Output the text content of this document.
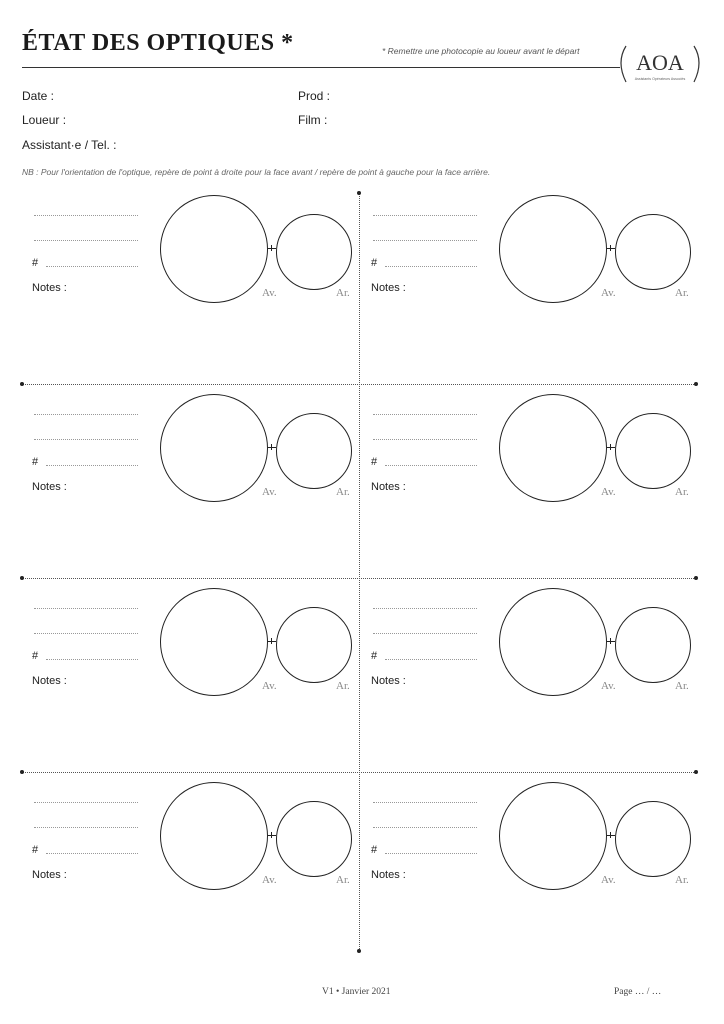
ÉTAT DES OPTIQUES *	* Remettre une photocopie au loueur avant le départ	AOA
Assistants Opérateurs Associés
Date :	Prod :
Loueur :	Film :
Assistant·e / Tel. :
NB : Pour l'orientation de l'optique, repère de point à droite pour la face avant / repère de point à gauche pour la face arrière.
#
Notes :	Av.	Ar.
#
Notes :	Av.	Ar.
#
Notes :	Av.	Ar.
#
Notes :	Av.	Ar.
#
Notes :	Av.	Ar.
#
Notes :	Av.	Ar.
#
Notes :	Av.	Ar.
#
Notes :	Av.	Ar.
V1 • Janvier 2021	Page … / …
